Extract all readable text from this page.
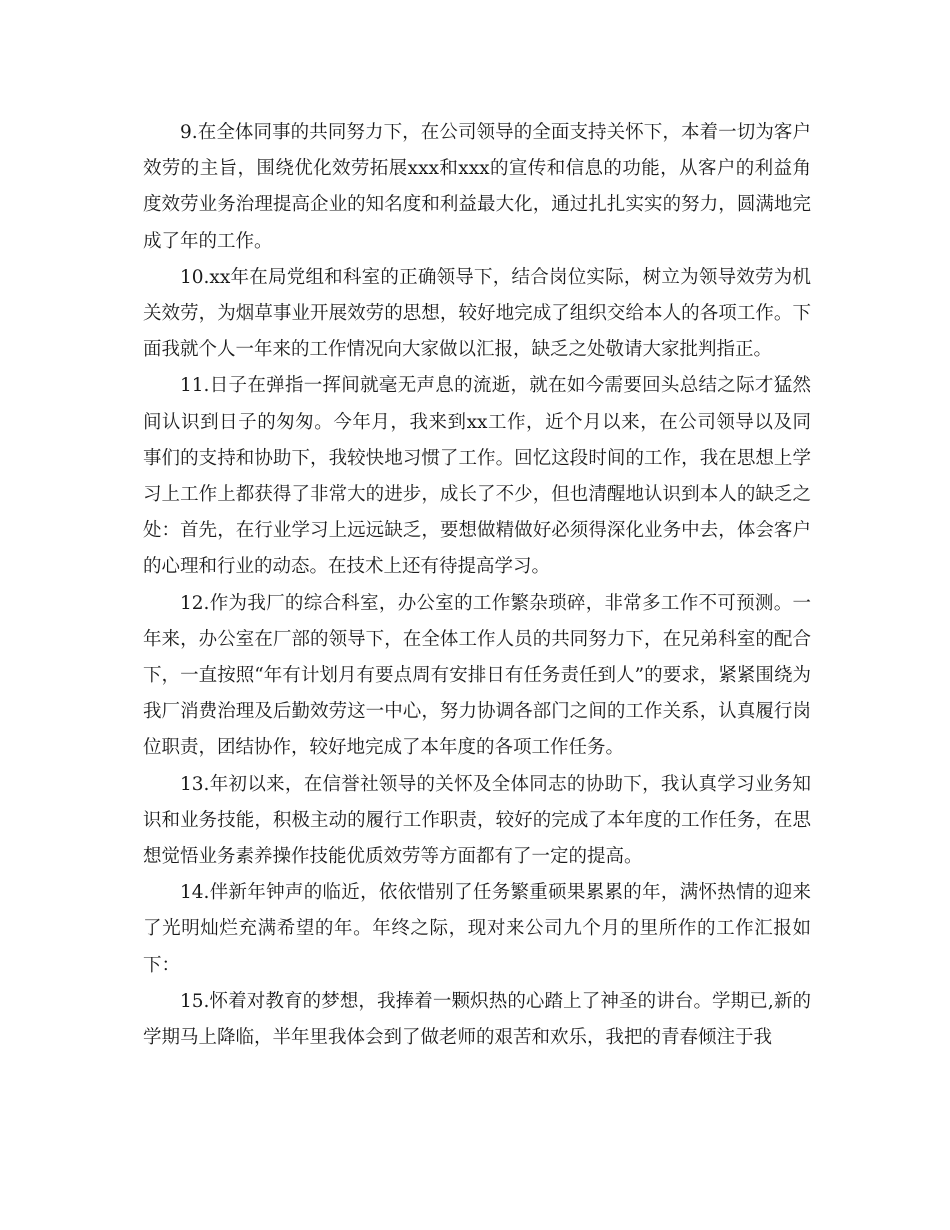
9.在全体同事的共同努力下，在公司领导的全面支持关怀下，本着一切为客户效劳的主旨，围绕优化效劳拓展xxx和xxx的宣传和信息的功能，从客户的利益角度效劳业务治理提高企业的知名度和利益最大化，通过扎扎实实的努力，圆满地完成了年的工作。

10.xx年在局党组和科室的正确领导下，结合岗位实际，树立为领导效劳为机关效劳，为烟草事业开展效劳的思想，较好地完成了组织交给本人的各项工作。下面我就个人一年来的工作情况向大家做以汇报，缺乏之处敬请大家批判指正。

11.日子在弹指一挥间就毫无声息的流逝，就在如今需要回头总结之际才猛然间认识到日子的匆匆。今年月，我来到xx工作，近个月以来，在公司领导以及同事们的支持和协助下，我较快地习惯了工作。回忆这段时间的工作，我在思想上学习上工作上都获得了非常大的进步，成长了不少，但也清醒地认识到本人的缺乏之处：首先，在行业学习上远远缺乏，要想做精做好必须得深化业务中去，体会客户的心理和行业的动态。在技术上还有待提高学习。

12.作为我厂的综合科室，办公室的工作繁杂琐碎，非常多工作不可预测。一年来，办公室在厂部的领导下，在全体工作人员的共同努力下，在兄弟科室的配合下，一直按照“年有计划月有要点周有安排日有任务责任到人”的要求，紧紧围绕为我厂消费治理及后勤效劳这一中心，努力协调各部门之间的工作关系，认真履行岗位职责，团结协作，较好地完成了本年度的各项工作任务。

13.年初以来，在信誉社领导的关怀及全体同志的协助下，我认真学习业务知识和业务技能，积极主动的履行工作职责，较好的完成了本年度的工作任务，在思想觉悟业务素养操作技能优质效劳等方面都有了一定的提高。

14.伴新年钟声的临近，依依惜别了任务繁重硕果累累的年，满怀热情的迎来了光明灿烂充满希望的年。年终之际，现对来公司九个月的里所作的工作汇报如下：

15.怀着对教育的梦想，我捧着一颗炽热的心踏上了神圣的讲台。学期已,新的学期马上降临，半年里我体会到了做老师的艰苦和欢乐，我把的青春倾注于我
